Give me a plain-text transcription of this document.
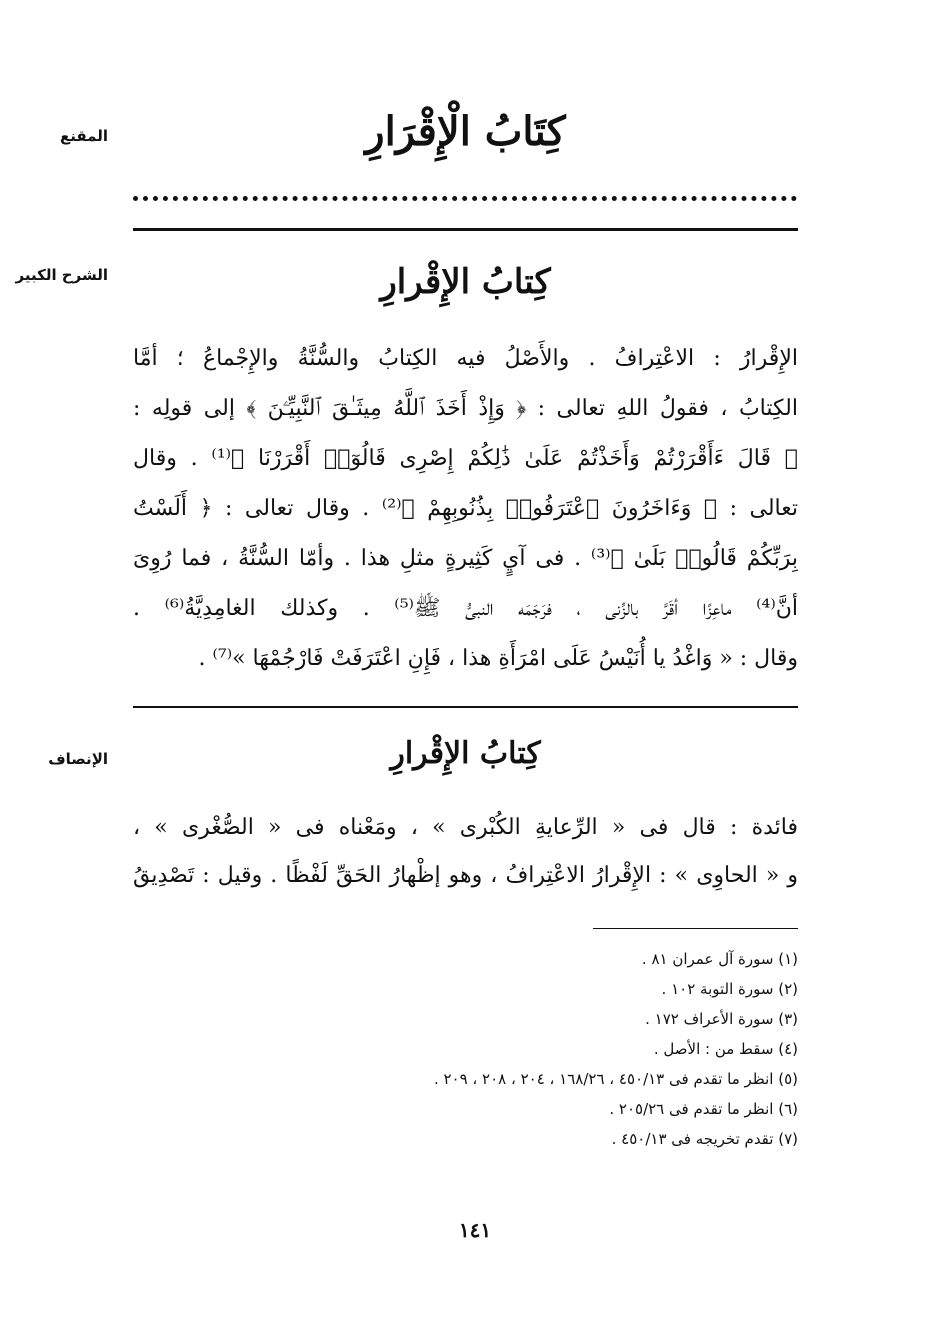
المقنع
الشرح الكبير
الإنصاف
كِتَابُ الْإِقْرَارِ
كِتابُ الإِقْرارِ
الإِقْرارُ : الاعْتِرافُ . والأَصْلُ فيه الكِتابُ والسُّنَّةُ والإِجْماعُ ؛ أمَّا
الكِتابُ ، فقولُ اللهِ تعالى : ﴿ وَإِذْ أَخَذَ ٱللَّهُ مِيثَـٰقَ ٱلنَّبِيِّـۧنَ ﴾ إلى قولِه :
﴿ قَالَ ءَأَقْرَرْتُمْ وَأَخَذْتُمْ عَلَىٰ ذَٰلِكُمْ إِصْرِى قَالُوٓا۟ أَقْرَرْنَا ﴾⁽¹⁾ . وقال
تعالى : ﴿ وَءَاخَرُونَ ٱعْتَرَفُوا۟ بِذُنُوبِهِمْ ﴾⁽²⁾ . وقال تعالى : ﴿ أَلَسْتُ
بِرَبِّكُمْ قَالُوا۟ بَلَىٰ ﴾⁽³⁾ . فى آيٍ كَثِيرةٍ مثلِ هذا . وأمّا السُّنَّةُ ، فما رُوِىَ
أنَّ⁽⁴⁾ ماعِزًا أقَرَّ بالزِّنى ، فرَجَمَه النبىُّ ﷺ⁽⁵⁾ . وكذلك الغامِدِيَّةُ⁽⁶⁾ .
وقال : « وَاغْدُ يا أُنَيْسُ عَلَى امْرَأَةِ هذا ، فَإِنِ اعْتَرَفَتْ فَارْجُمْهَا »⁽⁷⁾ .
كِتابُ الإِقْرارِ
فائدة : قال فى « الرِّعايةِ الكُبْرى » ، ومَعْناه فى « الصُّغْرى » ،
و « الحاوِى » : الإِقْرارُ الاعْتِرافُ ، وهو إظْهارُ الحَقِّ لَفْظًا . وقيل : تَصْدِيقُ
(١) سورة آل عمران ٨١ .
(٢) سورة التوبة ١٠٢ .
(٣) سورة الأعراف ١٧٢ .
(٤) سقط من : الأصل .
(٥) انظر ما تقدم فى ٤٥٠/١٣ ، ١٦٨/٢٦ ، ٢٠٤ ، ٢٠٨ ، ٢٠٩ .
(٦) انظر ما تقدم فى ٢٠٥/٢٦ .
(٧) تقدم تخريجه فى ٤٥٠/١٣ .
١٤١
